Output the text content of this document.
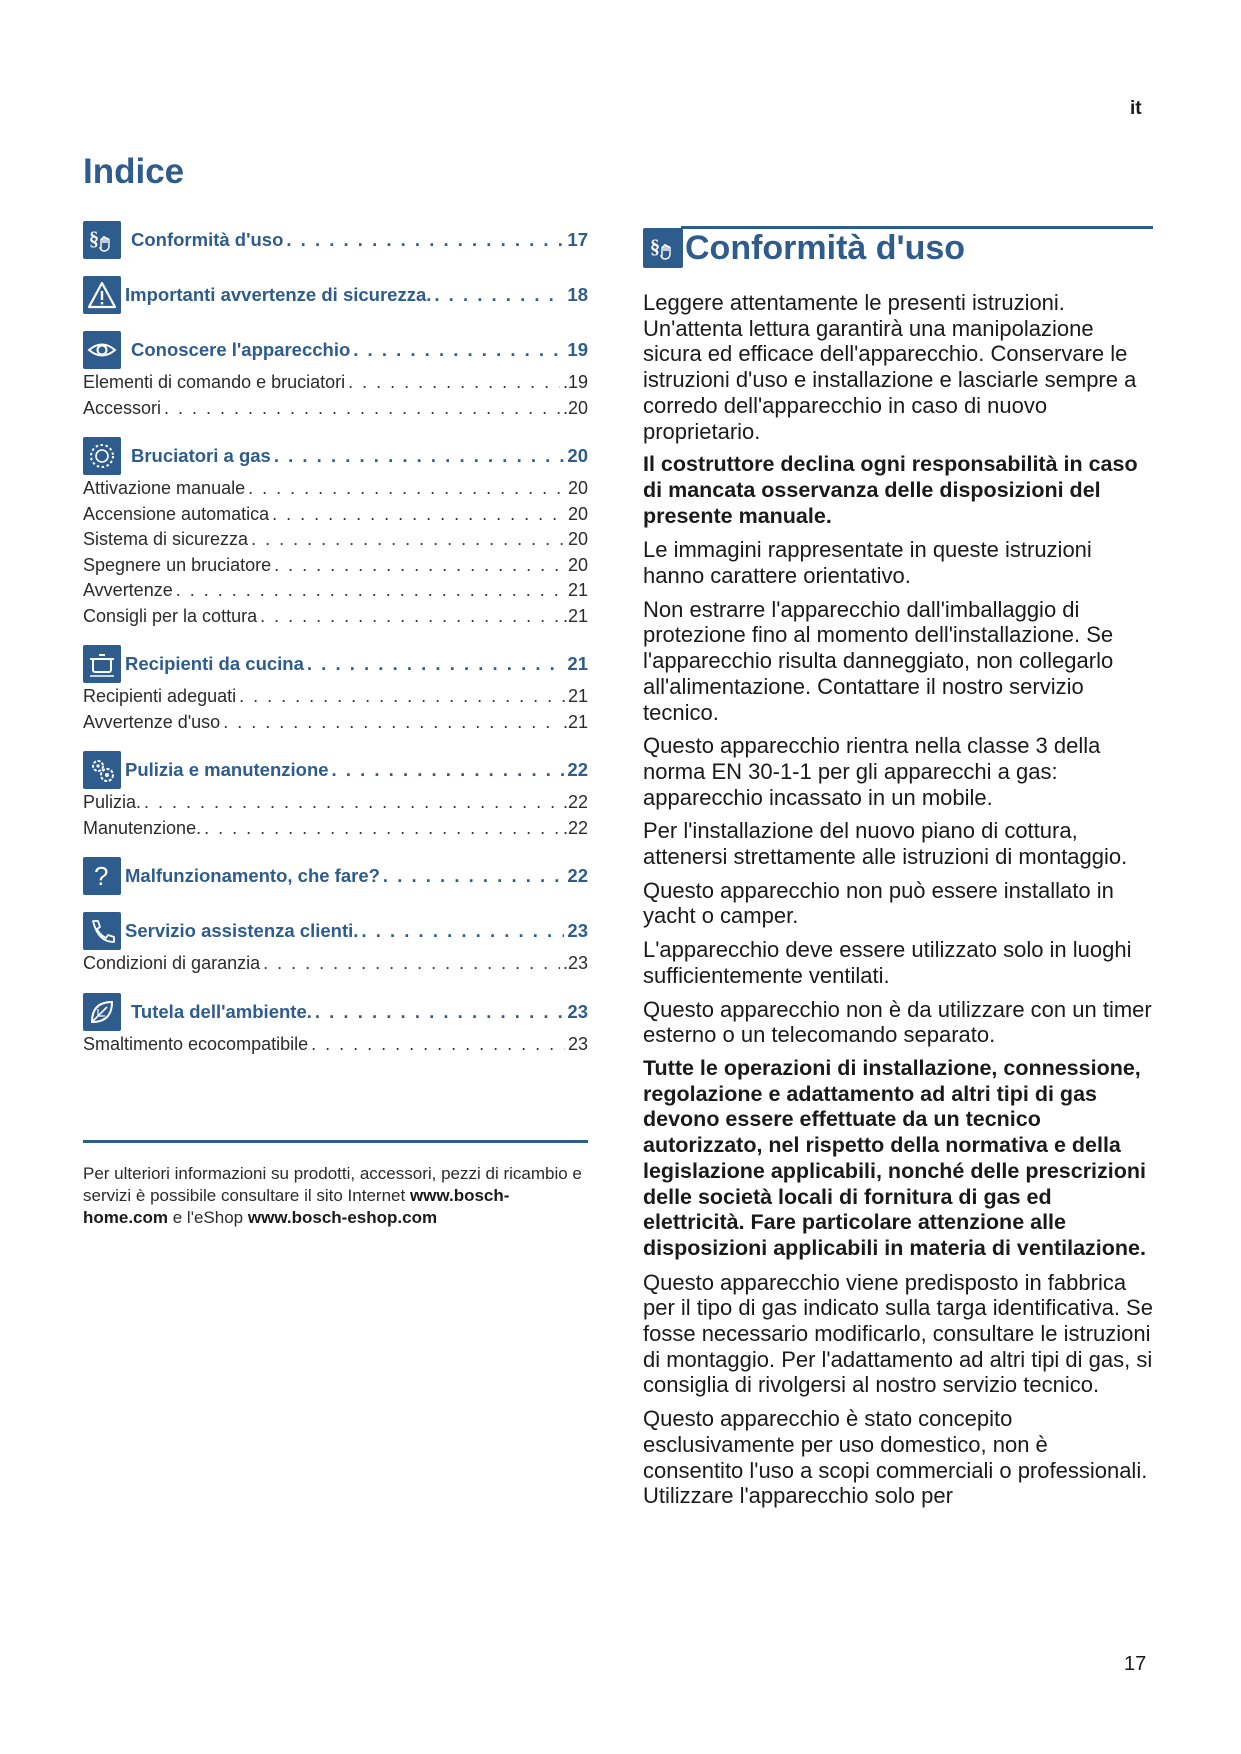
it
Indice
§	Conformità d'uso . . .	17
Importanti avvertenze di sicurezza. . . .	18
Conoscere l'apparecchio . . .	19
Elementi di comando e bruciatori . . .	.19
Accessori . . .	.20
Bruciatori a gas . . .	20
Attivazione manuale . . .	20
Accensione automatica . . .	20
Sistema di sicurezza . . .	20
Spegnere un bruciatore . . .	20
Avvertenze . . .	21
Consigli per la cottura . . .	.21
Recipienti da cucina . . .	21
Recipienti adeguati . . .	21
Avvertenze d'uso . . .	.21
Pulizia e manutenzione . . .	22
Pulizia. . . .	.22
Manutenzione. . . .	.22
? Malfunzionamento, che fare? . . .	22
Servizio assistenza clienti. . . .	23
Condizioni di garanzia . . .	.23
Tutela dell'ambiente. . . .	23
Smaltimento ecocompatibile . . .	23

Per ulteriori informazioni su prodotti, accessori, pezzi di ricambio e servizi è possibile consultare il sito Internet www.bosch-home.com e l'eShop www.bosch-eshop.com

§ Conformità d'uso

Leggere attentamente le presenti istruzioni. Un'attenta lettura garantirà una manipolazione sicura ed efficace dell'apparecchio. Conservare le istruzioni d'uso e installazione e lasciarle sempre a corredo dell'apparecchio in caso di nuovo proprietario.

Il costruttore declina ogni responsabilità in caso di mancata osservanza delle disposizioni del presente manuale.

Le immagini rappresentate in queste istruzioni hanno carattere orientativo.

Non estrarre l'apparecchio dall'imballaggio di protezione fino al momento dell'installazione. Se l'apparecchio risulta danneggiato, non collegarlo all'alimentazione. Contattare il nostro servizio tecnico.

Questo apparecchio rientra nella classe 3 della norma EN 30-1-1 per gli apparecchi a gas: apparecchio incassato in un mobile.

Per l'installazione del nuovo piano di cottura, attenersi strettamente alle istruzioni di montaggio.

Questo apparecchio non può essere installato in yacht o camper.

L'apparecchio deve essere utilizzato solo in luoghi sufficientemente ventilati.

Questo apparecchio non è da utilizzare con un timer esterno o un telecomando separato.

Tutte le operazioni di installazione, connessione, regolazione e adattamento ad altri tipi di gas devono essere effettuate da un tecnico autorizzato, nel rispetto della normativa e della legislazione applicabili, nonché delle prescrizioni delle società locali di fornitura di gas ed elettricità. Fare particolare attenzione alle disposizioni applicabili in materia di ventilazione.

Questo apparecchio viene predisposto in fabbrica per il tipo di gas indicato sulla targa identificativa. Se fosse necessario modificarlo, consultare le istruzioni di montaggio. Per l'adattamento ad altri tipi di gas, si consiglia di rivolgersi al nostro servizio tecnico.

Questo apparecchio è stato concepito esclusivamente per uso domestico, non è consentito l'uso a scopi commerciali o professionali. Utilizzare l'apparecchio solo per

17
